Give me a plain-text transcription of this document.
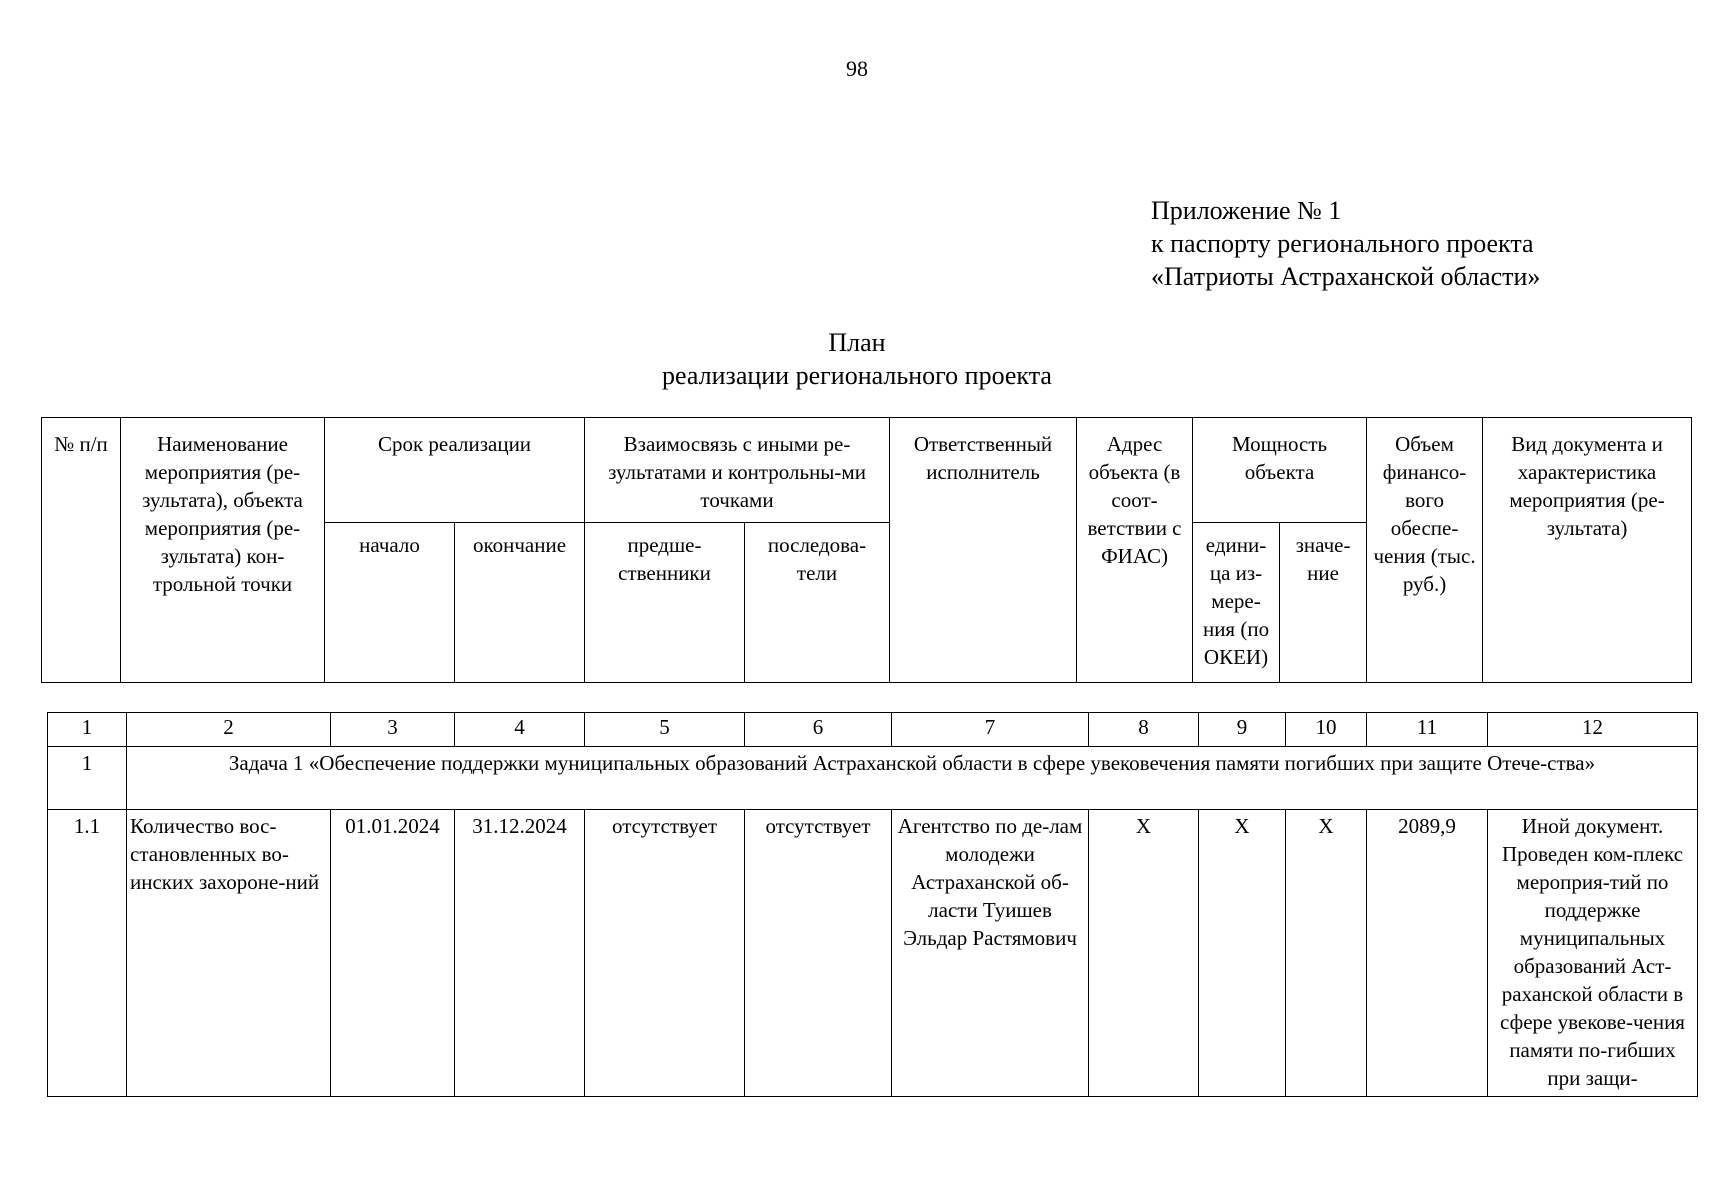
98
Приложение № 1
к паспорту регионального проекта
«Патриоты Астраханской области»
План
реализации регионального проекта
№ п/п	Наименование мероприятия (ре-зультата), объекта мероприятия (ре-зультата) кон-трольной точки	Срок реализации		Взаимосвязь с иными ре-зультатами и контрольны-ми точками		Ответственный исполнитель	Адрес объекта (в соот-ветствии с ФИАС)	Мощность объекта		Объем финансо-вого обеспе-чения (тыс. руб.)	Вид документа и характеристика мероприятия (ре-зультата)
		начало	окончание	предше-ственники	последова-тели			едини-ца из-мере-ния (по ОКЕИ)	значе-ние		
1	2	3	4	5	6	7	8	9	10	11	12
1	Задача 1 «Обеспечение поддержки муниципальных образований Астраханской области в сфере увековечения памяти погибших при защите Отече-ства»										
1.1	Количество вос-становленных во-инских захороне-ний	01.01.2024	31.12.2024	отсутствует	отсутствует	Агентство по де-лам молодежи Астраханской об-ласти Туишев Эльдар Растямович	X	X	X	2089,9	Иной документ. Проведен ком-плекс мероприя-тий по поддержке муниципальных образований Аст-раханской области в сфере увекове-чения памяти по-гибших при защи-
